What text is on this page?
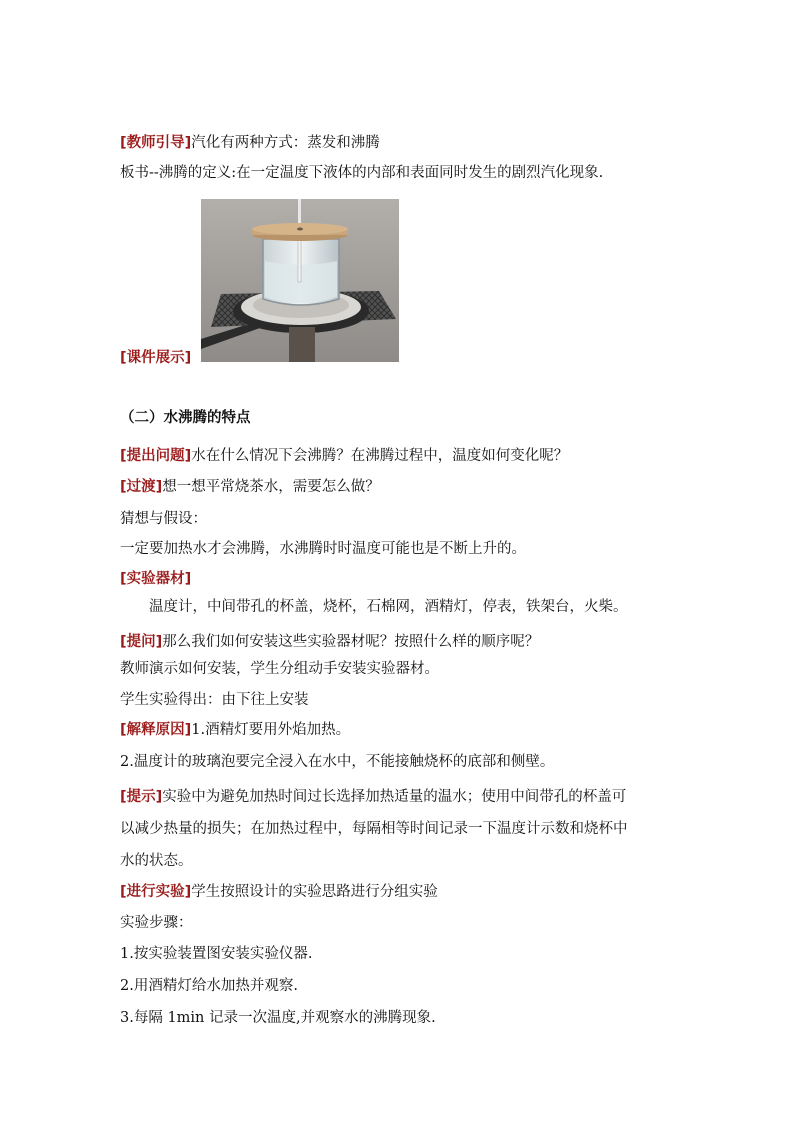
[教师引导]汽化有两种方式：蒸发和沸腾
板书--沸腾的定义:在一定温度下液体的内部和表面同时发生的剧烈汽化现象.
[课件展示]
（二）水沸腾的特点
[提出问题]水在什么情况下会沸腾？在沸腾过程中，温度如何变化呢？
[过渡]想一想平常烧茶水，需要怎么做？
猜想与假设：
一定要加热水才会沸腾，水沸腾时时温度可能也是不断上升的。
[实验器材]
温度计，中间带孔的杯盖，烧杯，石棉网，酒精灯，停表，铁架台，火柴。
[提问]那么我们如何安装这些实验器材呢？按照什么样的顺序呢？
教师演示如何安装，学生分组动手安装实验器材。
学生实验得出：由下往上安装
[解释原因]1.酒精灯要用外焰加热。
2.温度计的玻璃泡要完全浸入在水中，不能接触烧杯的底部和侧壁。
[提示]实验中为避免加热时间过长选择加热适量的温水；使用中间带孔的杯盖可
以减少热量的损失；在加热过程中，每隔相等时间记录一下温度计示数和烧杯中
水的状态。
[进行实验]学生按照设计的实验思路进行分组实验
实验步骤：
1.按实验装置图安装实验仪器.
2.用酒精灯给水加热并观察.
3.每隔 1min 记录一次温度,并观察水的沸腾现象.
